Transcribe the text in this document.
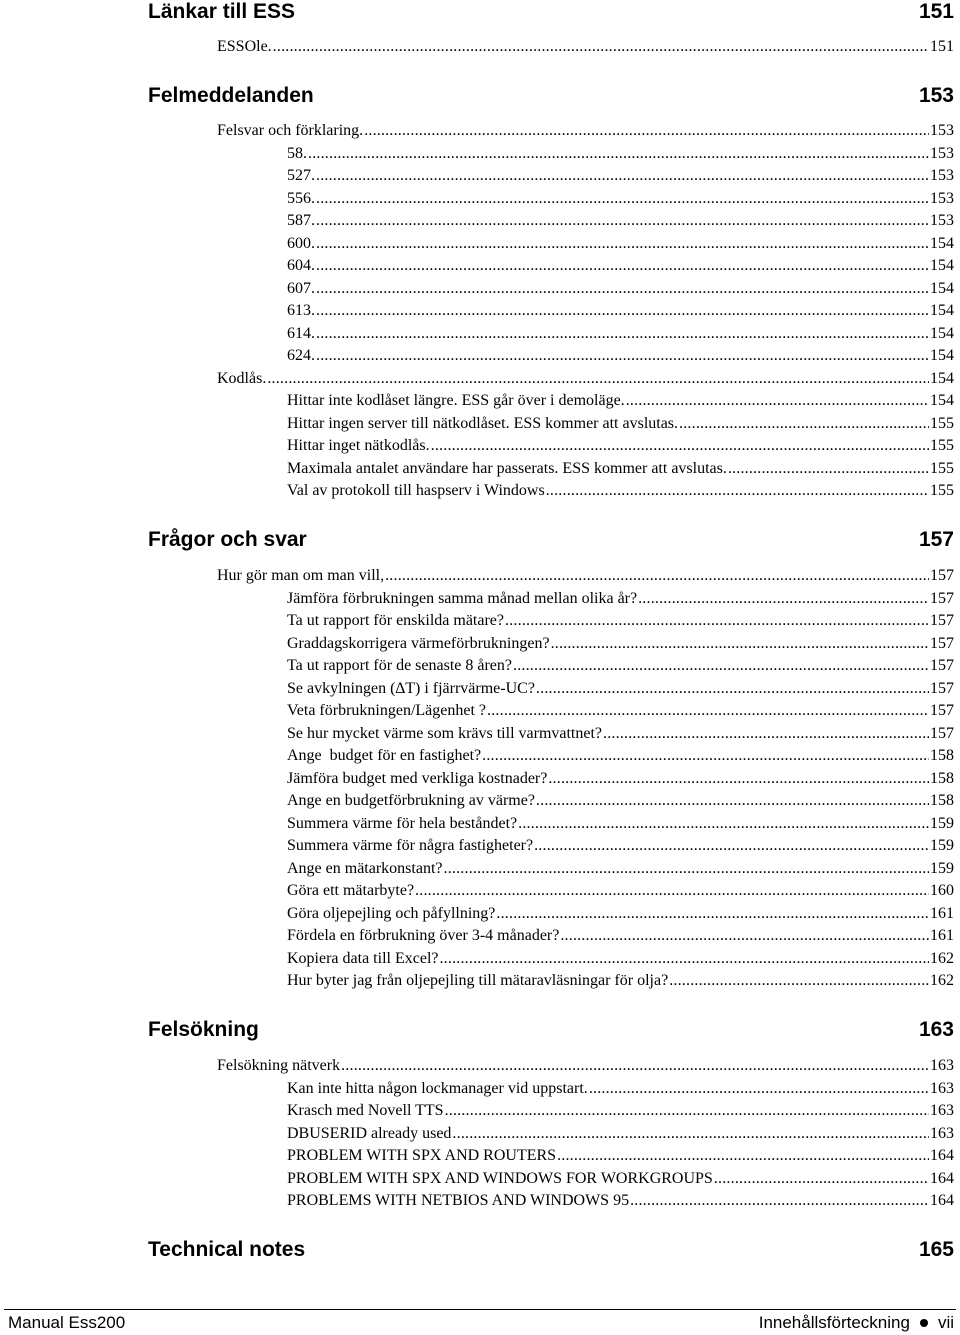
Länkar till ESS	151
Felmeddelanden	153
Frågor och svar	157
Felsökning	163
Technical notes	165
ESSOle. .....	151
Felsvar och förklaring. .....	153
58. .....	153
527. .....	153
556. .....	153
587. .....	153
600. .....	154
604. .....	154
607. .....	154
613. .....	154
614. .....	154
624. .....	154
Kodlås. .....	154
Hittar inte kodlåset längre. ESS går över i demoläge. .....	154
Hittar ingen server till nätkodlåset. ESS kommer att avslutas. .....	155
Hittar inget nätkodlås. .....	155
Maximala antalet användare har passerats. ESS kommer att avslutas. .....	155
Val av protokoll till haspserv i Windows .....	155
Hur gör man om man vill, .....	157
Jämföra förbrukningen samma månad mellan olika år? .....	157
Ta ut rapport för enskilda mätare? .....	157
Graddagskorrigera värmeförbrukningen? .....	157
Ta ut rapport för de senaste 8 åren? .....	157
Se avkylningen (∆T) i fjärrvärme-UC? .....	157
Veta förbrukningen/Lägenhet ? .....	157
Se hur mycket värme som krävs till varmvattnet? .....	157
Ange  budget för en fastighet? .....	158
Jämföra budget med verkliga kostnader? .....	158
Ange en budgetförbrukning av värme? .....	158
Summera värme för hela beståndet? .....	159
Summera värme för några fastigheter? .....	159
Ange en mätarkonstant? .....	159
Göra ett mätarbyte? .....	160
Göra oljepejling och påfyllning? .....	161
Fördela en förbrukning över 3-4 månader? .....	161
Kopiera data till Excel? .....	162
Hur byter jag från oljepejling till mätaravläsningar för olja? .....	162
Felsökning nätverk .....	163
Kan inte hitta någon lockmanager vid uppstart. .....	163
Krasch med Novell TTS .....	163
DBUSERID already used .....	163
PROBLEM WITH SPX AND ROUTERS .....	164
PROBLEM WITH SPX AND WINDOWS FOR WORKGROUPS .....	164
PROBLEMS WITH NETBIOS AND WINDOWS 95 .....	164
Manual Ess200	Innehållsförteckning vii
